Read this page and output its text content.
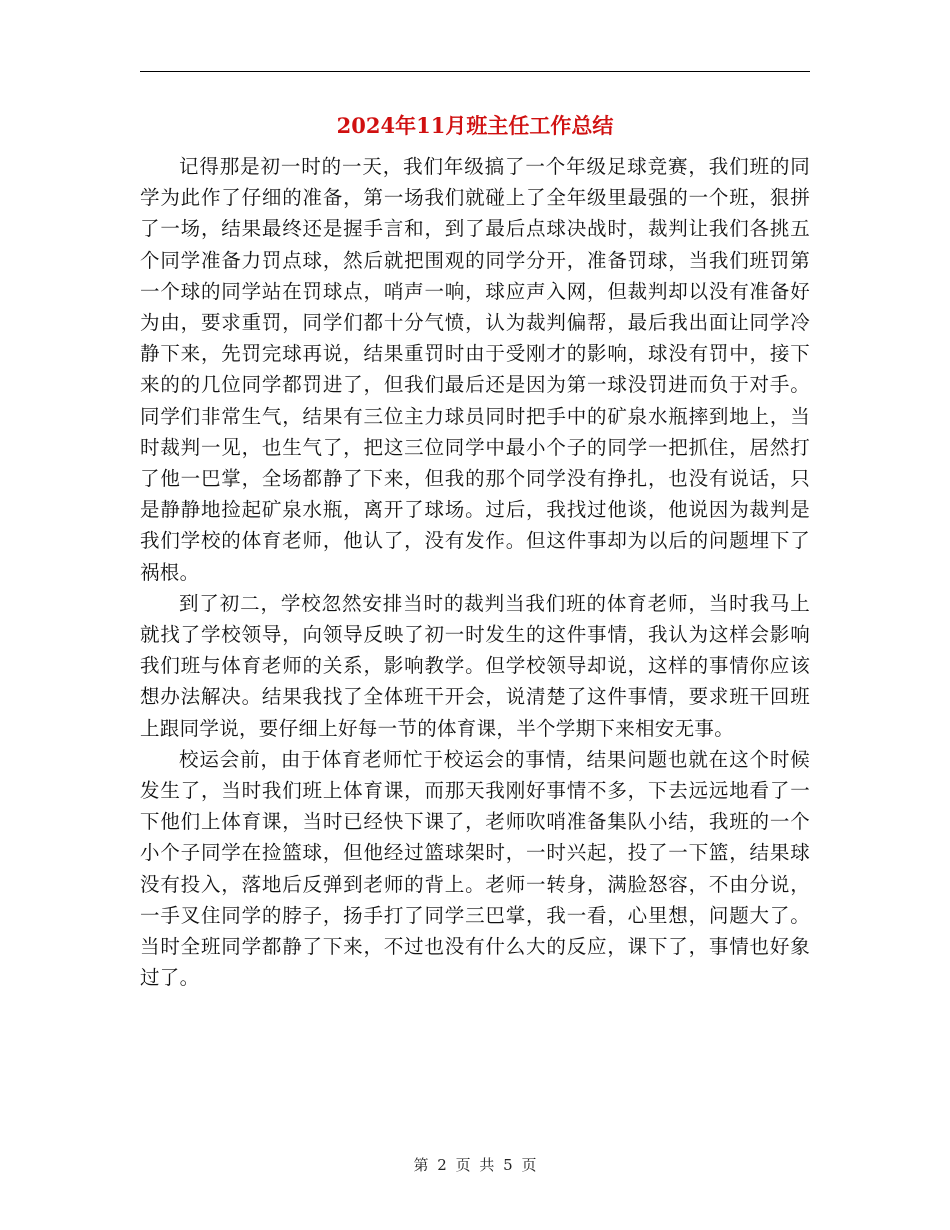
2024年11月班主任工作总结

记得那是初一时的一天，我们年级搞了一个年级足球竞赛，我们班的同学为此作了仔细的准备，第一场我们就碰上了全年级里最强的一个班，狠拼了一场，结果最终还是握手言和，到了最后点球决战时，裁判让我们各挑五个同学准备力罚点球，然后就把围观的同学分开，准备罚球，当我们班罚第一个球的同学站在罚球点，哨声一响，球应声入网，但裁判却以没有准备好为由，要求重罚，同学们都十分气愤，认为裁判偏帮，最后我出面让同学冷静下来，先罚完球再说，结果重罚时由于受刚才的影响，球没有罚中，接下来的的几位同学都罚进了，但我们最后还是因为第一球没罚进而负于对手。同学们非常生气，结果有三位主力球员同时把手中的矿泉水瓶摔到地上，当时裁判一见，也生气了，把这三位同学中最小个子的同学一把抓住，居然打了他一巴掌，全场都静了下来，但我的那个同学没有挣扎，也没有说话，只是静静地捡起矿泉水瓶，离开了球场。过后，我找过他谈，他说因为裁判是我们学校的体育老师，他认了，没有发作。但这件事却为以后的问题埋下了祸根。

到了初二，学校忽然安排当时的裁判当我们班的体育老师，当时我马上就找了学校领导，向领导反映了初一时发生的这件事情，我认为这样会影响我们班与体育老师的关系，影响教学。但学校领导却说，这样的事情你应该想办法解决。结果我找了全体班干开会，说清楚了这件事情，要求班干回班上跟同学说，要仔细上好每一节的体育课，半个学期下来相安无事。

校运会前，由于体育老师忙于校运会的事情，结果问题也就在这个时候发生了，当时我们班上体育课，而那天我刚好事情不多，下去远远地看了一下他们上体育课，当时已经快下课了，老师吹哨准备集队小结，我班的一个小个子同学在捡篮球，但他经过篮球架时，一时兴起，投了一下篮，结果球没有投入，落地后反弹到老师的背上。老师一转身，满脸怒容，不由分说，一手叉住同学的脖子，扬手打了同学三巴掌，我一看，心里想，问题大了。当时全班同学都静了下来，不过也没有什么大的反应，课下了，事情也好象过了。

第 2 页 共 5 页
